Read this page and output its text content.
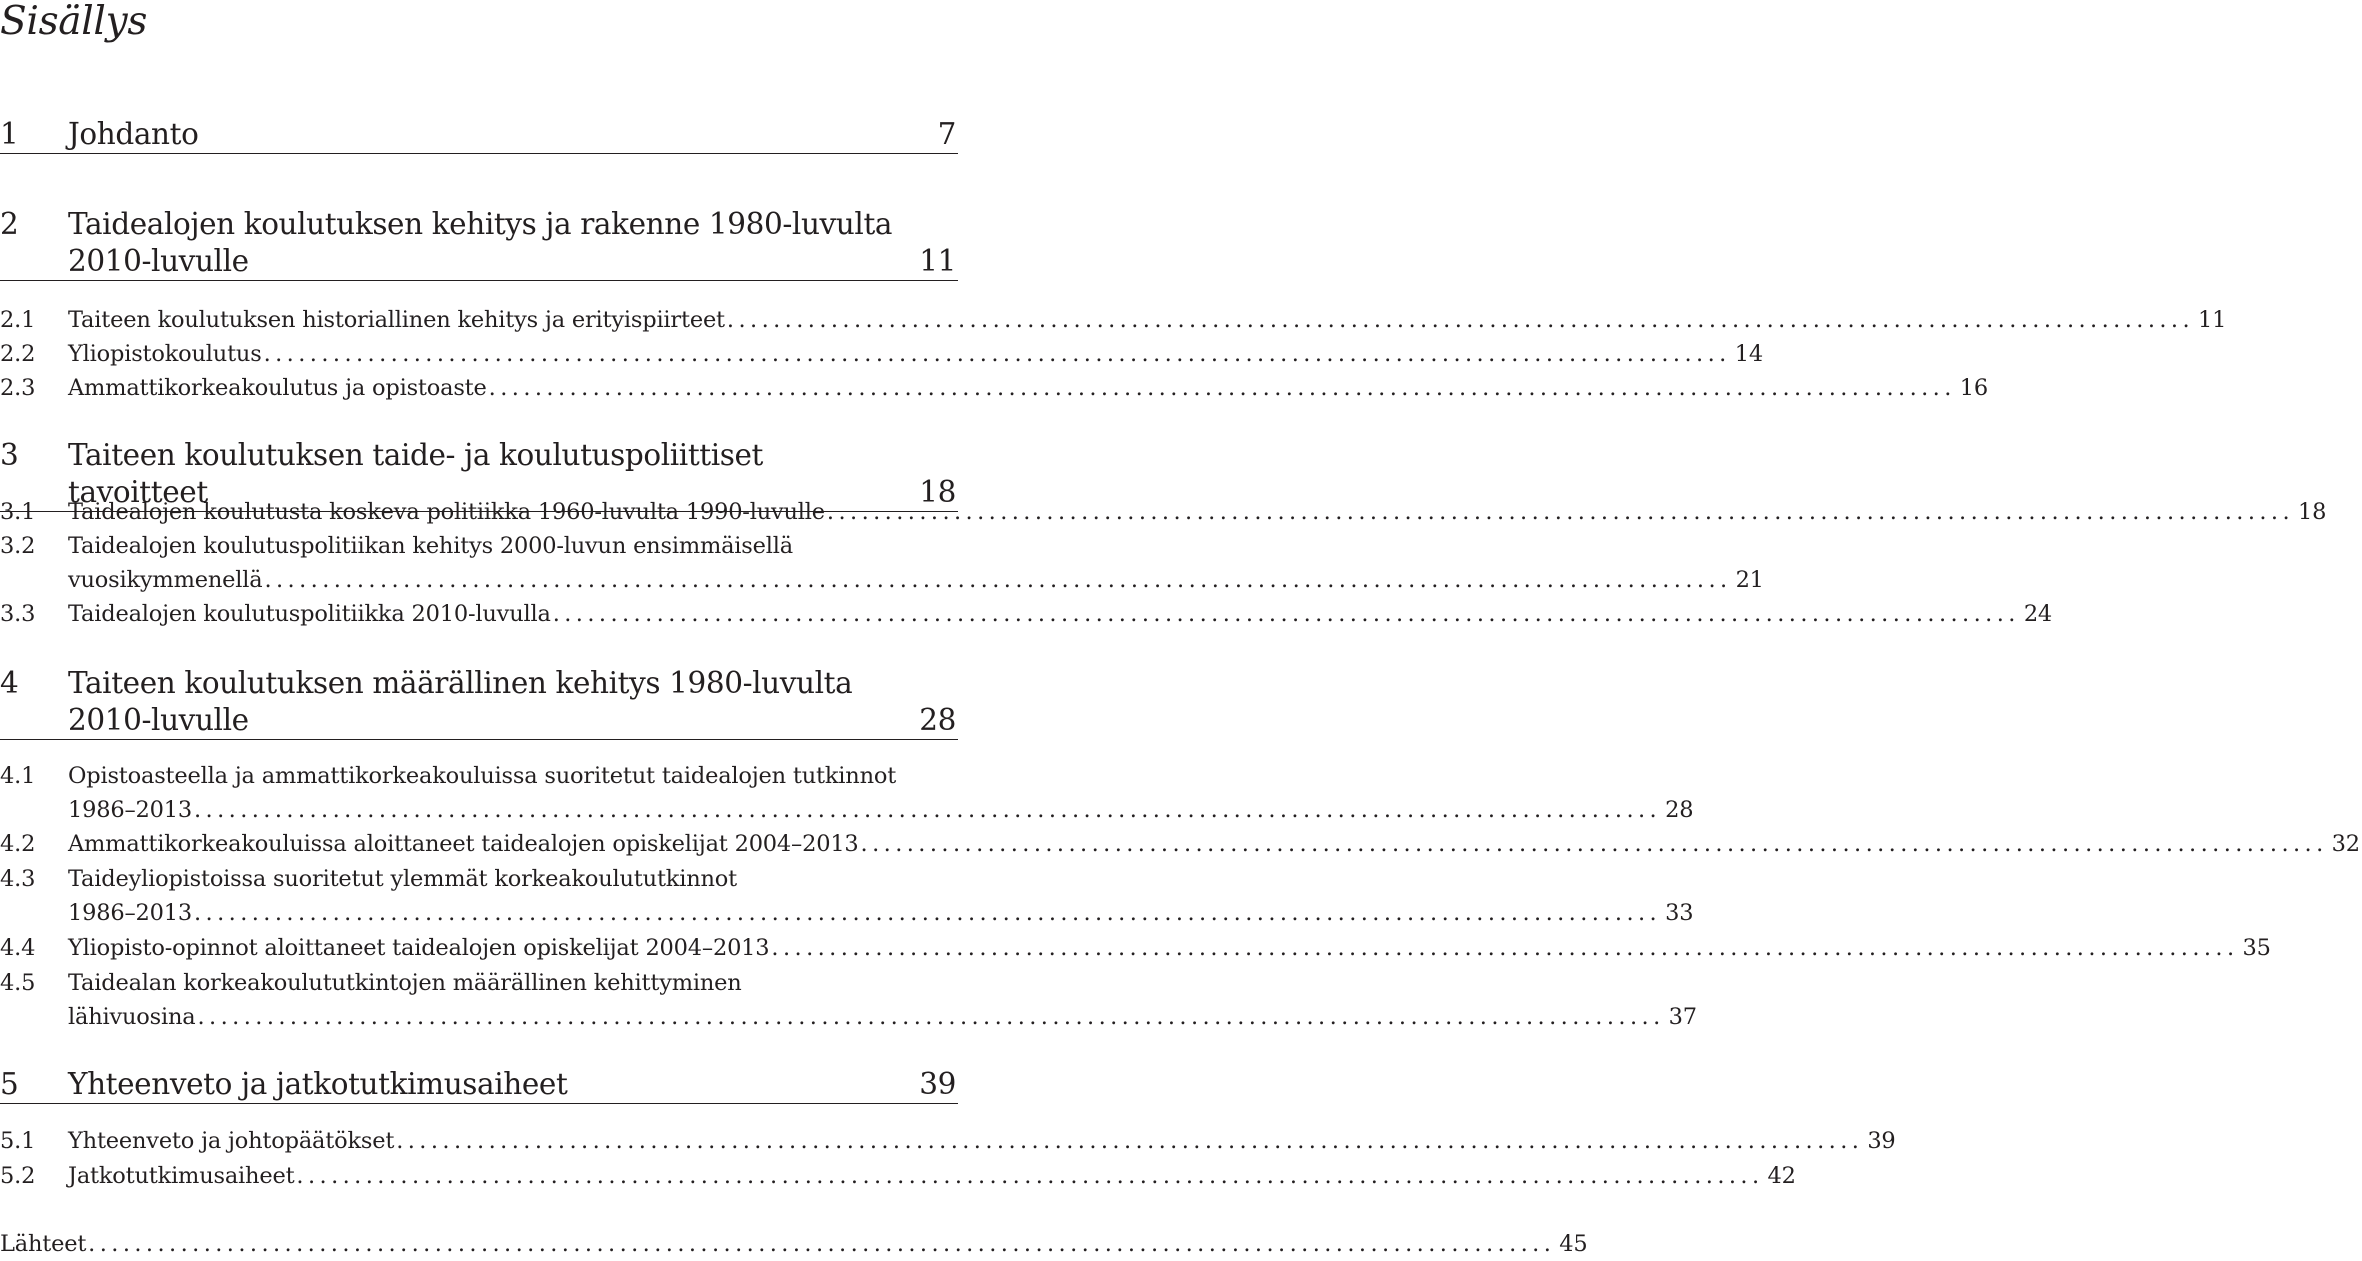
Sisällys
1 Johdanto	7
2 Taidealojen koulutuksen kehitys ja rakenne 1980-luvulta
2010-luvulle	11
2.1 Taiteen koulutuksen historiallinen kehitys ja erityispiirteet ............................................................................................................................... 11
2.2 Yliopistokoulutus ............................................................................................................................... 14
2.3 Ammattikorkeakoulutus ja opistoaste ............................................................................................................................... 16
3 Taiteen koulutuksen taide- ja koulutuspoliittiset tavoitteet	18
3.1 Taidealojen koulutusta koskeva politiikka 1960-luvulta 1990-luvulle ............................................................................................................................... 18
3.2 Taidealojen koulutuspolitiikan kehitys 2000-luvun ensimmäisellä
vuosikymmenellä ............................................................................................................................... 21
3.3 Taidealojen koulutuspolitiikka 2010-luvulla ............................................................................................................................... 24
4 Taiteen koulutuksen määrällinen kehitys 1980-luvulta
2010-luvulle	28
4.1 Opistoasteella ja ammattikorkeakouluissa suoritetut taidealojen tutkinnot
1986–2013 ............................................................................................................................... 28
4.2 Ammattikorkeakouluissa aloittaneet taidealojen opiskelijat 2004–2013 ............................................................................................................................... 32
4.3 Taideyliopistoissa suoritetut ylemmät korkeakoulututkinnot
1986–2013 ............................................................................................................................... 33
4.4 Yliopisto-opinnot aloittaneet taidealojen opiskelijat 2004–2013 ............................................................................................................................... 35
4.5 Taidealan korkeakoulututkintojen määrällinen kehittyminen
lähivuosina ............................................................................................................................... 37
5 Yhteenveto ja jatkotutkimusaiheet	39
5.1 Yhteenveto ja johtopäätökset ............................................................................................................................... 39
5.2 Jatkotutkimusaiheet ............................................................................................................................... 42
Lähteet ............................................................................................................................... 45
